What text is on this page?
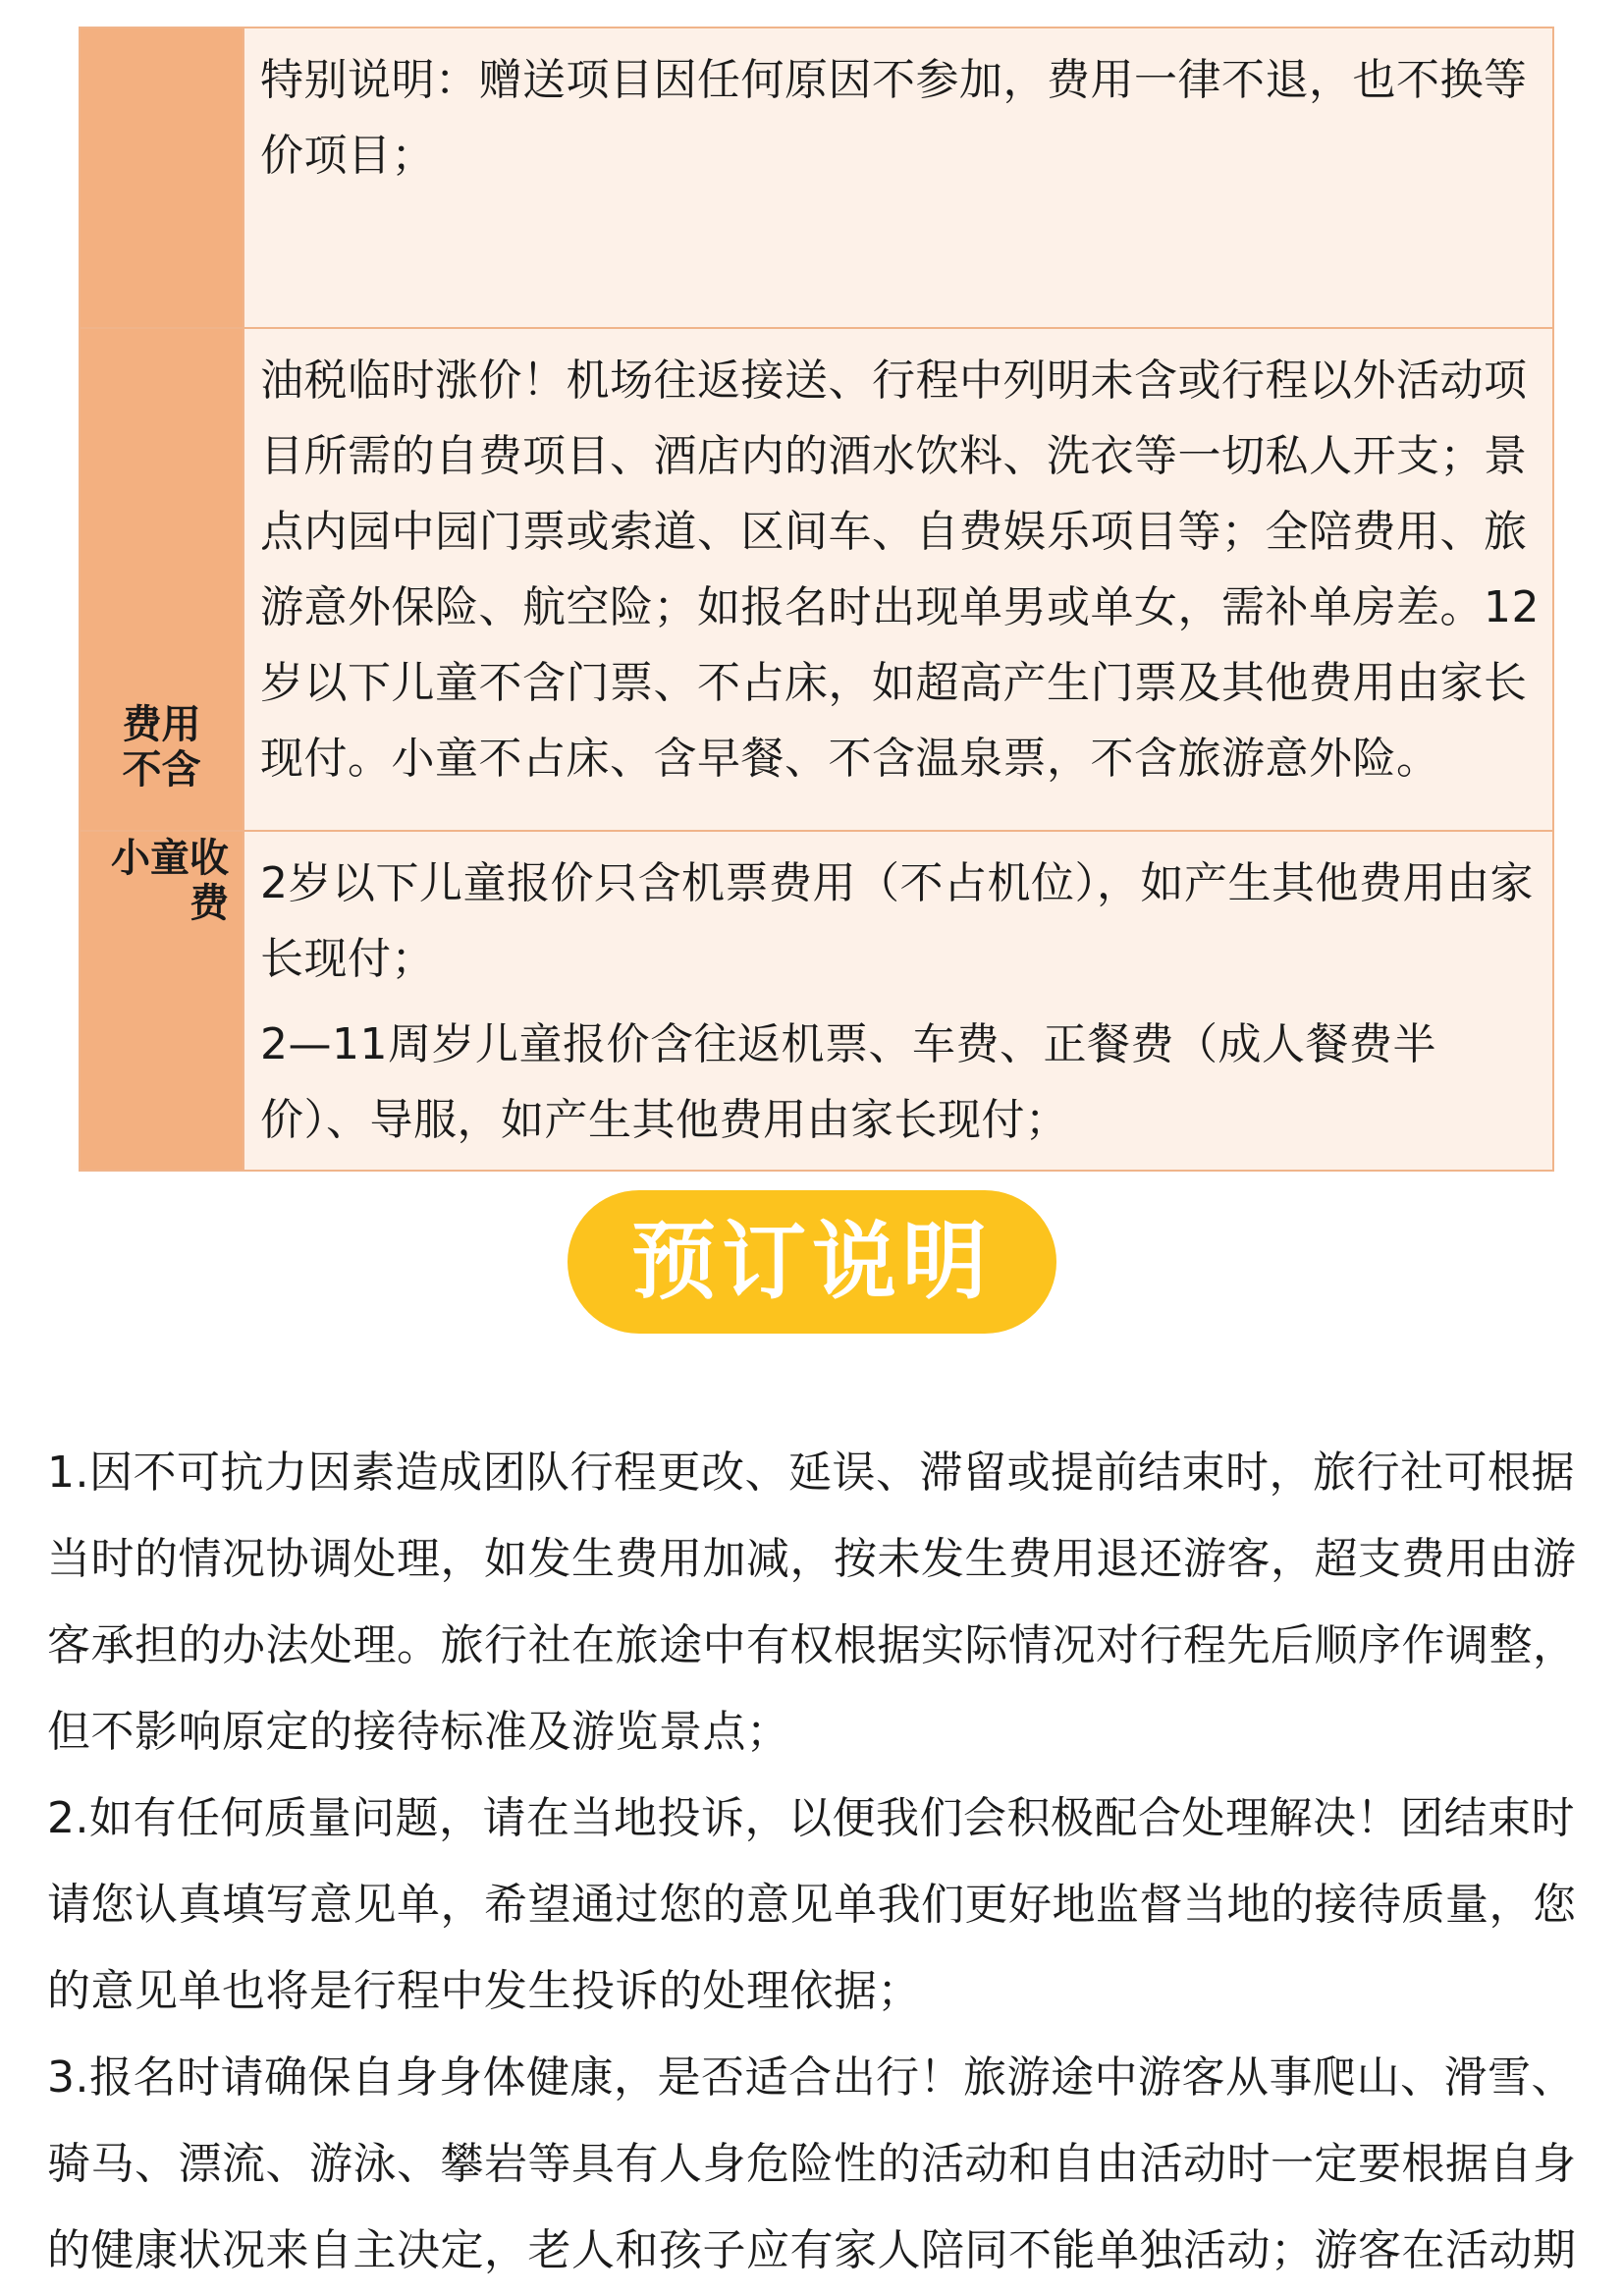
	特别说明：赠送项目因任何原因不参加，费用一律不退，也不换等价项目；
费用不含	油税临时涨价！机场往返接送、行程中列明未含或行程以外活动项目所需的自费项目、酒店内的酒水饮料、洗衣等一切私人开支；景点内园中园门票或索道、区间车、自费娱乐项目等；全陪费用、旅游意外保险、航空险；如报名时出现单男或单女，需补单房差。12岁以下儿童不含门票、不占床，如超高产生门票及其他费用由家长现付。小童不占床、含早餐、不含温泉票，不含旅游意外险。
小童收费	2岁以下儿童报价只含机票费用（不占机位），如产生其他费用由家长现付；

2—11周岁儿童报价含往返机票、车费、正餐费（成人餐费半价）、导服，如产生其他费用由家长现付；

预订说明

1.因不可抗力因素造成团队行程更改、延误、滞留或提前结束时，旅行社可根据当时的情况协调处理，如发生费用加减，按未发生费用退还游客，超支费用由游客承担的办法处理。旅行社在旅途中有权根据实际情况对行程先后顺序作调整，但不影响原定的接待标准及游览景点；

2.如有任何质量问题，请在当地投诉，以便我们会积极配合处理解决！团结束时请您认真填写意见单，希望通过您的意见单我们更好地监督当地的接待质量，您的意见单也将是行程中发生投诉的处理依据；

3.报名时请确保自身身体健康，是否适合出行！旅游途中游客从事爬山、滑雪、骑马、漂流、游泳、攀岩等具有人身危险性的活动和自由活动时一定要根据自身的健康状况来自主决定，老人和孩子应有家人陪同不能单独活动；游客在活动期
